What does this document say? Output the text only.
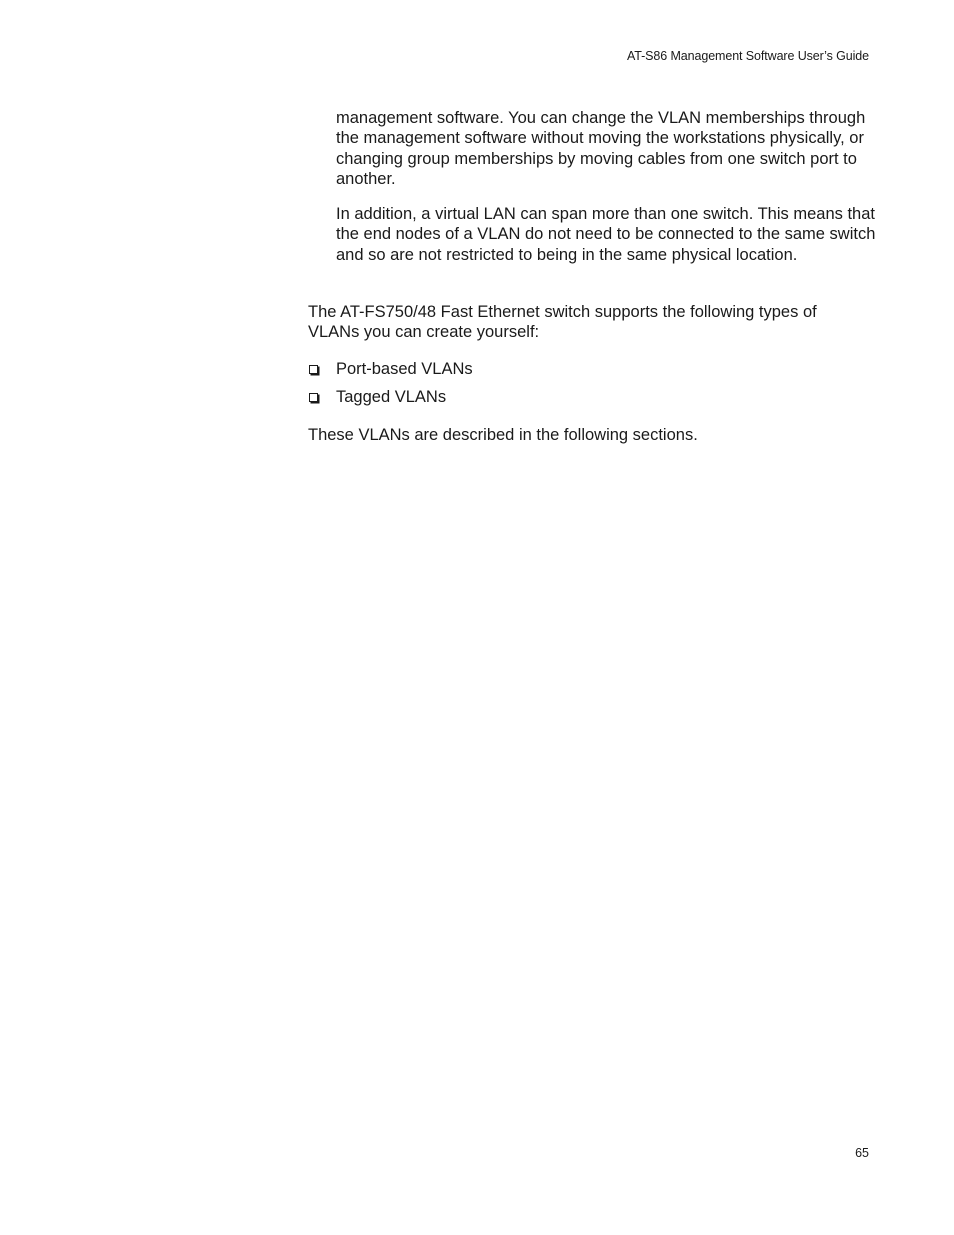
AT-S86 Management Software User’s Guide

management software. You can change the VLAN memberships through the management software without moving the workstations physically, or changing group memberships by moving cables from one switch port to another.

In addition, a virtual LAN can span more than one switch. This means that the end nodes of a VLAN do not need to be connected to the same switch and so are not restricted to being in the same physical location.

The AT-FS750/48 Fast Ethernet switch supports the following types of VLANs you can create yourself:

Port-based VLANs
Tagged VLANs

These VLANs are described in the following sections.

65
